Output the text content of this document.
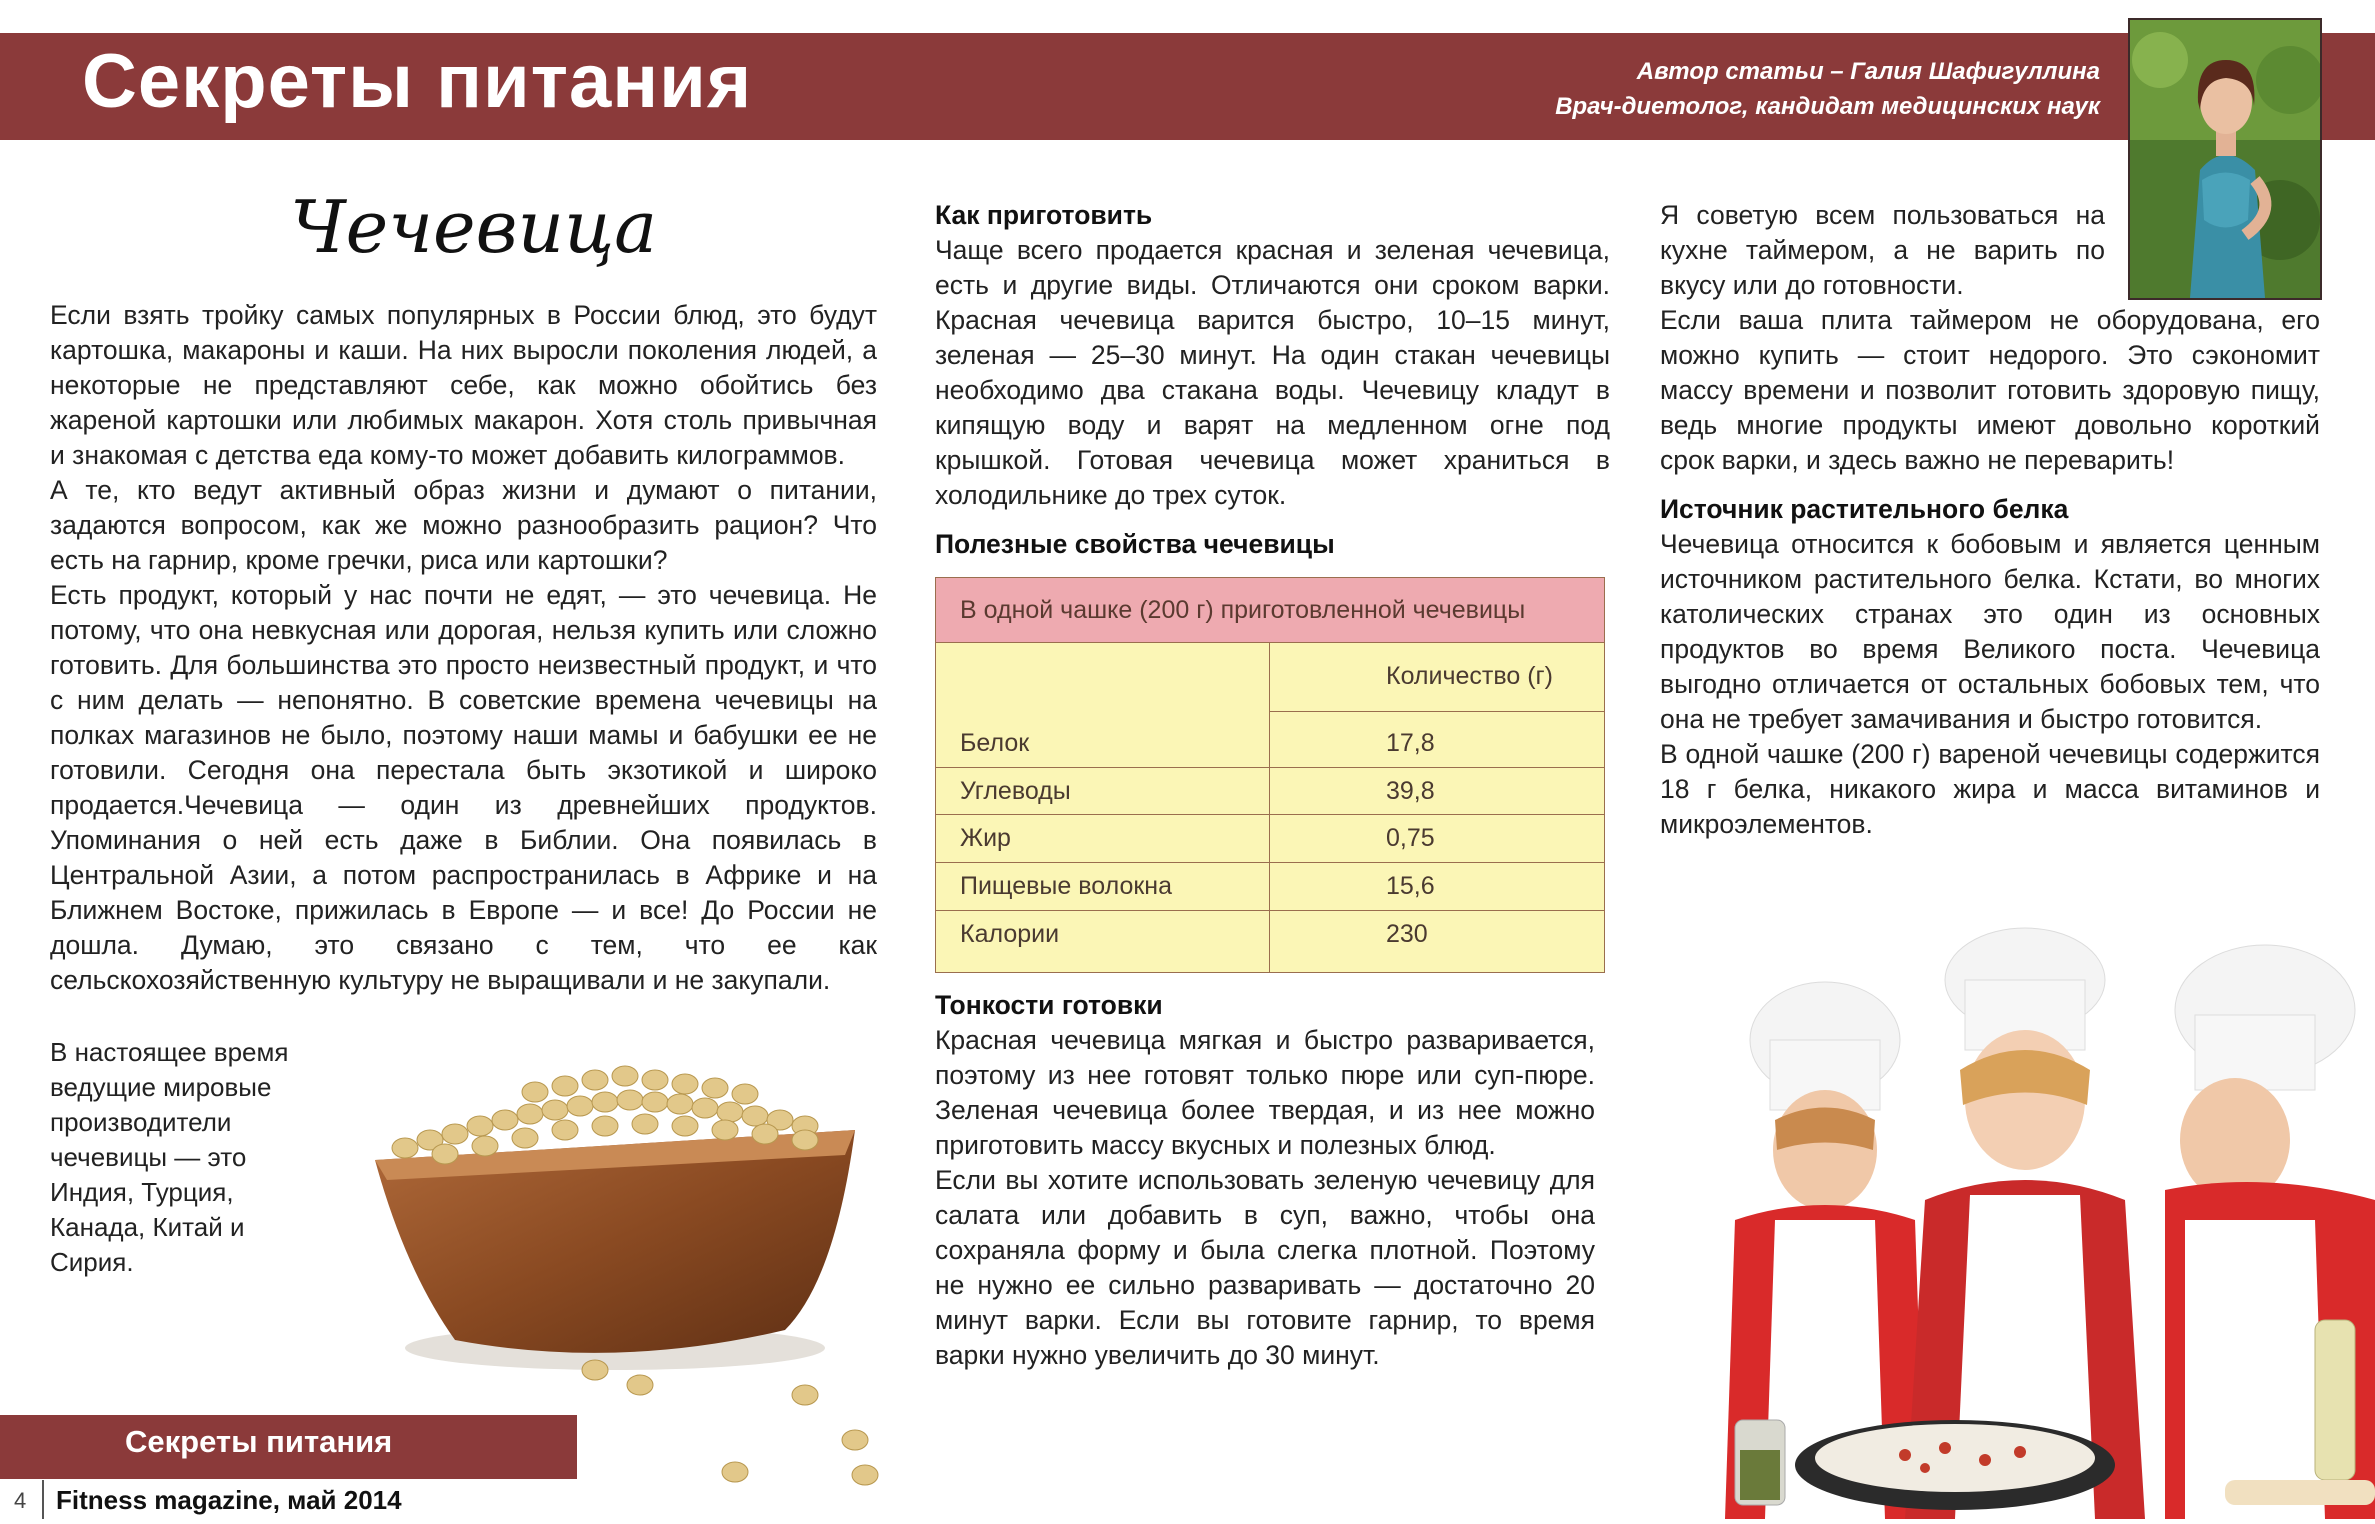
Секреты питания	Автор статьи – Галия Шафигуллина
Врач-диетолог, кандидат медицинских наук
Чечевица

Если взять тройку самых популярных в России блюд, это будут картошка, макароны и каши. На них выросли поколения людей, а некоторые не представляют себе, как можно обойтись без жареной картошки или любимых макарон. Хотя столь привычная и знакомая с детства еда кому-то может добавить килограммов.

А те, кто ведут активный образ жизни и думают о питании, задаются вопросом, как же можно разнообразить рацион? Что есть на гарнир, кроме гречки, риса или картошки?

Есть продукт, который у нас почти не едят, — это чечевица. Не потому, что она невкусная или дорогая, нельзя купить или сложно готовить. Для большинства это просто неизвестный продукт, и что с ним делать — непонятно. В советские времена чечевицы на полках магазинов не было, поэтому наши мамы и бабушки ее не готовили. Сегодня она перестала быть экзотикой и широко продается.Чечевица — один из древнейших продуктов. Упоминания о ней есть даже в Библии. Она появилась в Центральной Азии, а потом распространилась в Африке и на Ближнем Востоке, прижилась в Европе — и все! До России не дошла. Думаю, это связано с тем, что ее как сельскохозяйственную культуру не выращивали и не закупали.

В настоящее время
ведущие мировые
производители
чечевицы — это
Индия, Турция,
Канада, Китай и
Сирия.
Как приготовить

Чаще всего продается красная и зеленая чечевица, есть и другие виды. Отличаются они сроком варки. Красная чечевица варится быстро, 10–15 минут, зеленая — 25–30 минут. На один стакан чечевицы необходимо два стакана воды. Чечевицу кладут в кипящую воду и варят на медленном огне под крышкой. Готовая чечевица может храниться в холодильнике до трех суток.

Полезные свойства чечевицы
В одной чашке (200 г) приготовленной чечевицы
Количество (г)
Белок	17,8
Углеводы	39,8
Жир	0,75
Пищевые волокна	15,6
Калории	230
Тонкости готовки

Красная чечевица мягкая и быстро разваривается, поэтому из нее готовят только пюре или суп-пюре. Зеленая чечевица более твердая, и из нее можно приготовить массу вкусных и полезных блюд.

Если вы хотите использовать зеленую чечевицу для салата или добавить в суп, важно, чтобы она сохраняла форму и была слегка плотной. Поэтому не нужно ее сильно разваривать — достаточно 20 минут варки. Если вы готовите гарнир, то время варки нужно увеличить до 30 минут.

Я советую всем пользоваться на кухне таймером, а не варить по вкусу или до готовности.

Если ваша плита таймером не оборудована, его можно купить — стоит недорого. Это сэкономит массу времени и позволит готовить здоровую пищу, ведь многие продукты имеют довольно короткий срок варки, и здесь важно не переварить!

Источник растительного белка

Чечевица относится к бобовым и является ценным источником растительного белка. Кстати, во многих католических странах это один из основных продуктов во время Великого поста. Чечевица выгодно отличается от остальных бобовых тем, что она не требует замачивания и быстро готовится.

В одной чашке (200 г) вареной чечевицы содержится 18 г белка, никакого жира и масса витаминов и микроэлементов.

Секреты питания
4 Fitness magazine, май 2014
